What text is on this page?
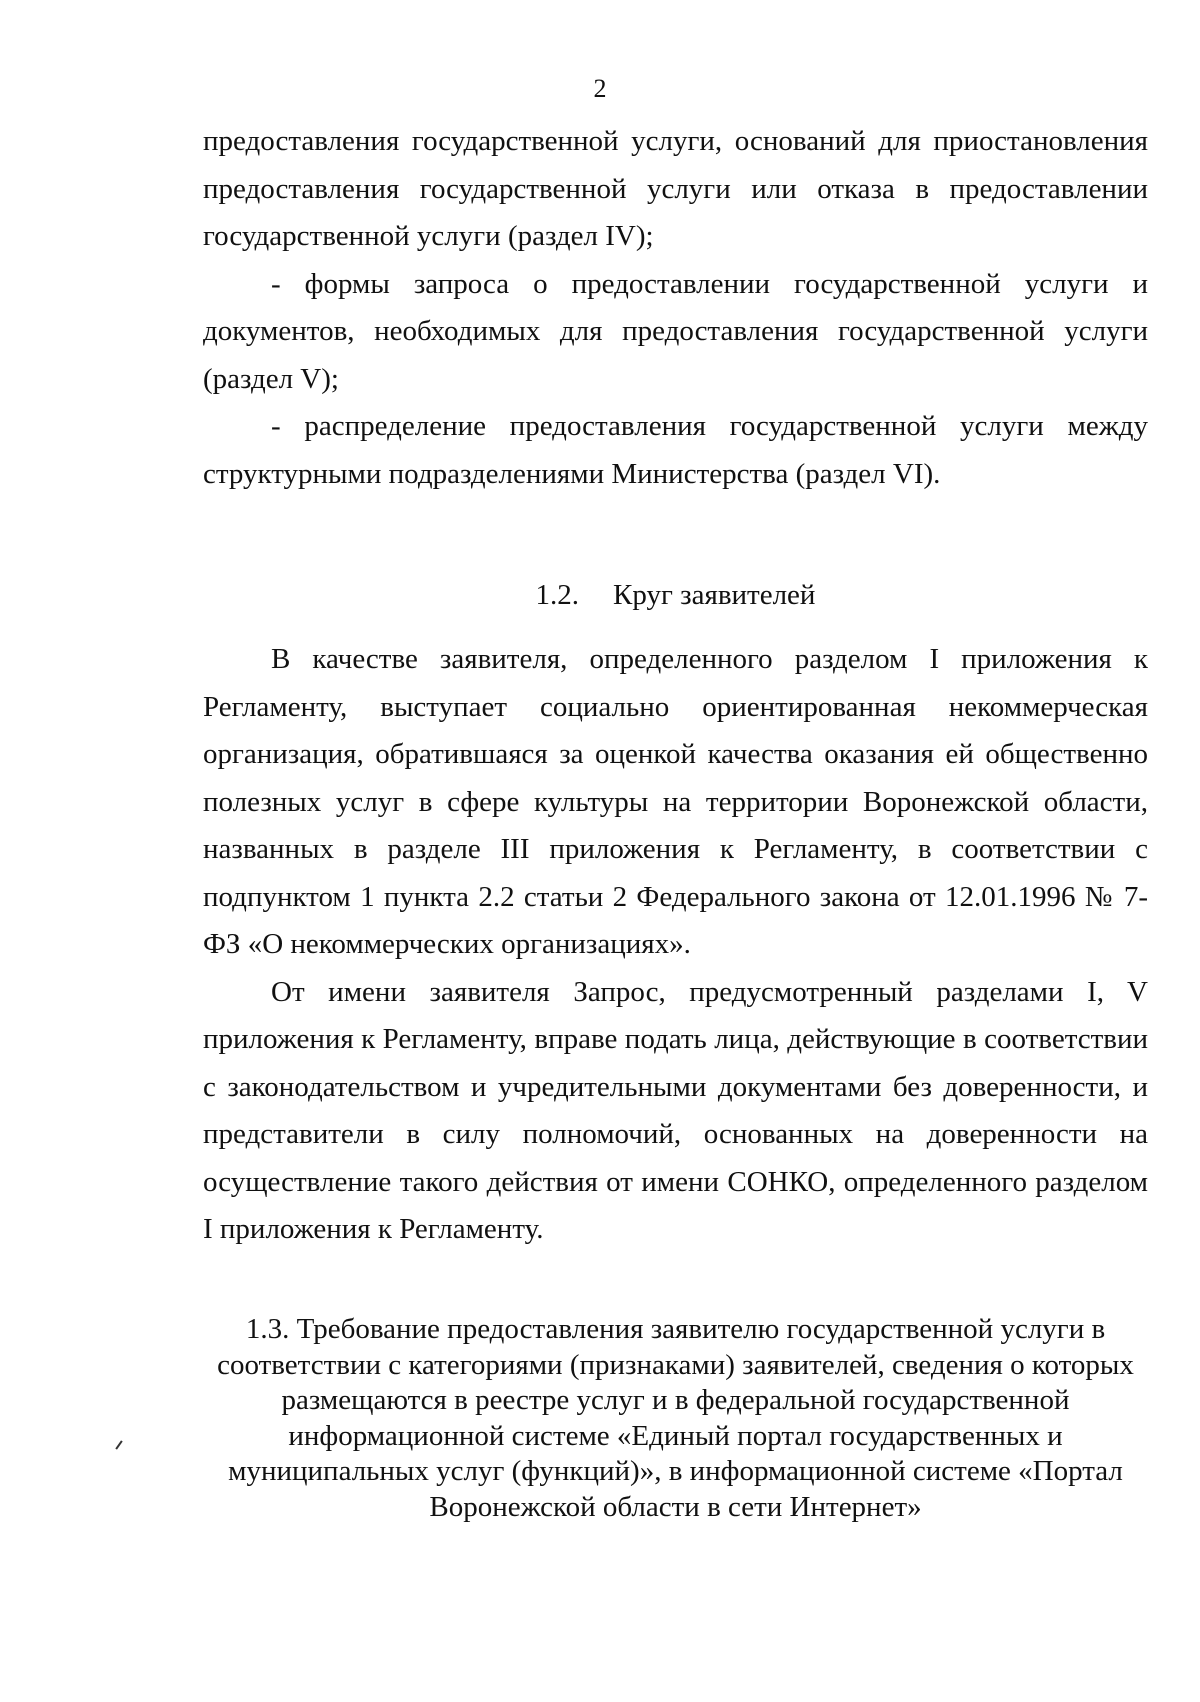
2

предоставления государственной услуги, оснований для приостановления предоставления государственной услуги или отказа в предоставлении государственной услуги (раздел IV);

- формы запроса о предоставлении государственной услуги и документов, необходимых для предоставления государственной услуги (раздел V);

- распределение предоставления государственной услуги между структурными подразделениями Министерства (раздел VI).

1.2. Круг заявителей

В качестве заявителя, определенного разделом I приложения к Регламенту, выступает социально ориентированная некоммерческая организация, обратившаяся за оценкой качества оказания ей общественно полезных услуг в сфере культуры на территории Воронежской области, названных в разделе III приложения к Регламенту, в соответствии с подпунктом 1 пункта 2.2 статьи 2 Федерального закона от 12.01.1996 № 7-ФЗ «О некоммерческих организациях».

От имени заявителя Запрос, предусмотренный разделами I, V приложения к Регламенту, вправе подать лица, действующие в соответствии с законодательством и учредительными документами без доверенности, и представители в силу полномочий, основанных на доверенности на осуществление такого действия от имени СОНКО, определенного разделом I приложения к Регламенту.

1.3. Требование предоставления заявителю государственной услуги в
соответствии с категориями (признаками) заявителей, сведения о которых
размещаются в реестре услуг и в федеральной государственной
информационной системе «Единый портал государственных и
муниципальных услуг (функций)», в информационной системе «Портал
Воронежской области в сети Интернет»
